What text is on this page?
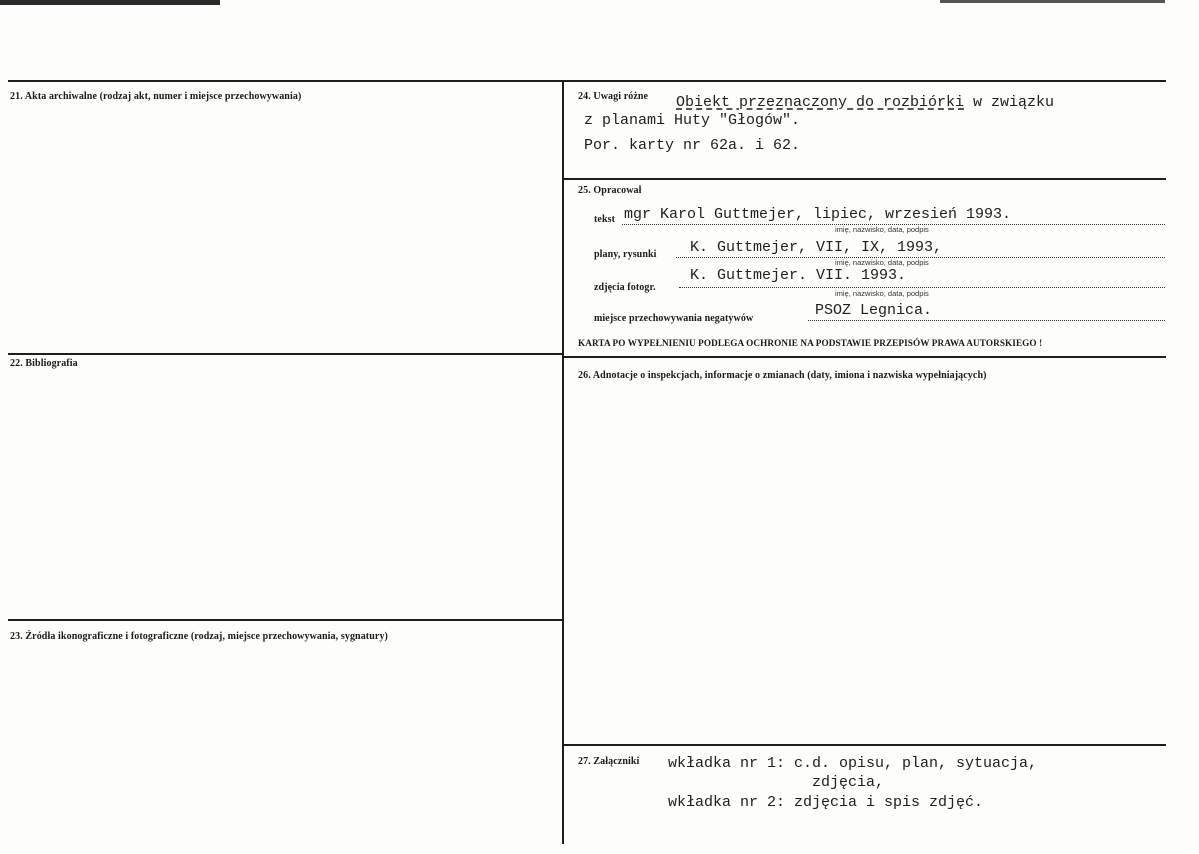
21. Akta archiwalne (rodzaj akt, numer i miejsce przechowywania)
22. Bibliografia
23. Źródła ikonograficzne i fotograficzne (rodzaj, miejsce przechowywania, sygnatury)
24. Uwagi różne Obiekt przeznaczony do rozbiórki w związku
z planami Huty "Głogów".
Por. karty nr 62a. i 62.
25. Opracował
tekst mgr Karol Guttmejer, lipiec, wrzesień 1993.
imię, nazwisko, data, podpis
plany, rysunki K. Guttmejer, VII, IX, 1993,
imię, nazwisko, data, podpis
zdjęcia fotogr.
K. Guttmejer. VII. 1993.
imię, nazwisko, data, podpis
miejsce przechowywania negatywów	PSOZ Legnica.
KARTA PO WYPEŁNIENIU PODLEGA OCHRONIE NA PODSTAWIE PRZEPISÓW PRAWA AUTORSKIEGO !
26. Adnotacje o inspekcjach, informacje o zmianach (daty, imiona i nazwiska wypełniających)
27. Załączniki wkładka nr 1: c.d. opisu, plan, sytuacja,
zdjęcia,
wkładka nr 2: zdjęcia i spis zdjęć.
